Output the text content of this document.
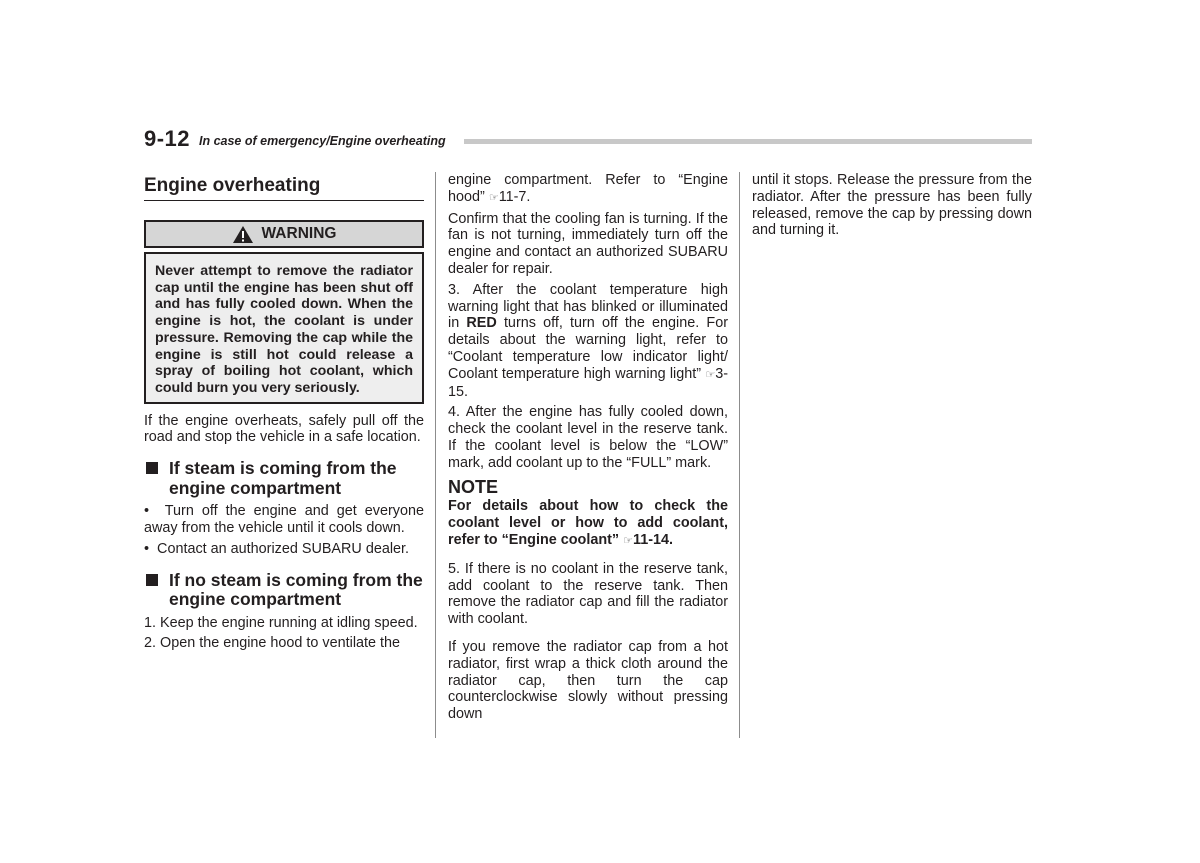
9-12 In case of emergency/Engine overheating
Engine overheating
WARNING

Never attempt to remove the radiator cap until the engine has been shut off and has fully cooled down. When the engine is hot, the coolant is under pressure. Removing the cap while the engine is still hot could release a spray of boiling hot coolant, which could burn you very seriously.

If the engine overheats, safely pull off the road and stop the vehicle in a safe location.

If steam is coming from the engine compartment

•  Turn off the engine and get everyone away from the vehicle until it cools down.

•  Contact an authorized SUBARU dealer.

If no steam is coming from the engine compartment

1. Keep the engine running at idling speed.

2. Open the engine hood to ventilate the

engine compartment. Refer to “Engine hood” ☞11-7.

Confirm that the cooling fan is turning. If the fan is not turning, immediately turn off the engine and contact an authorized SUBARU dealer for repair.

3. After the coolant temperature high warning light that has blinked or illuminated in RED turns off, turn off the engine. For details about the warning light, refer to “Coolant temperature low indicator light/ Coolant temperature high warning light” ☞3-15.

4. After the engine has fully cooled down, check the coolant level in the reserve tank. If the coolant level is below the “LOW” mark, add coolant up to the “FULL” mark.

NOTE

For details about how to check the coolant level or how to add coolant, refer to “Engine coolant” ☞11-14.

5. If there is no coolant in the reserve tank, add coolant to the reserve tank. Then remove the radiator cap and fill the radiator with coolant.

If you remove the radiator cap from a hot radiator, first wrap a thick cloth around the radiator cap, then turn the cap counterclockwise slowly without pressing down

until it stops. Release the pressure from the radiator. After the pressure has been fully released, remove the cap by pressing down and turning it.
